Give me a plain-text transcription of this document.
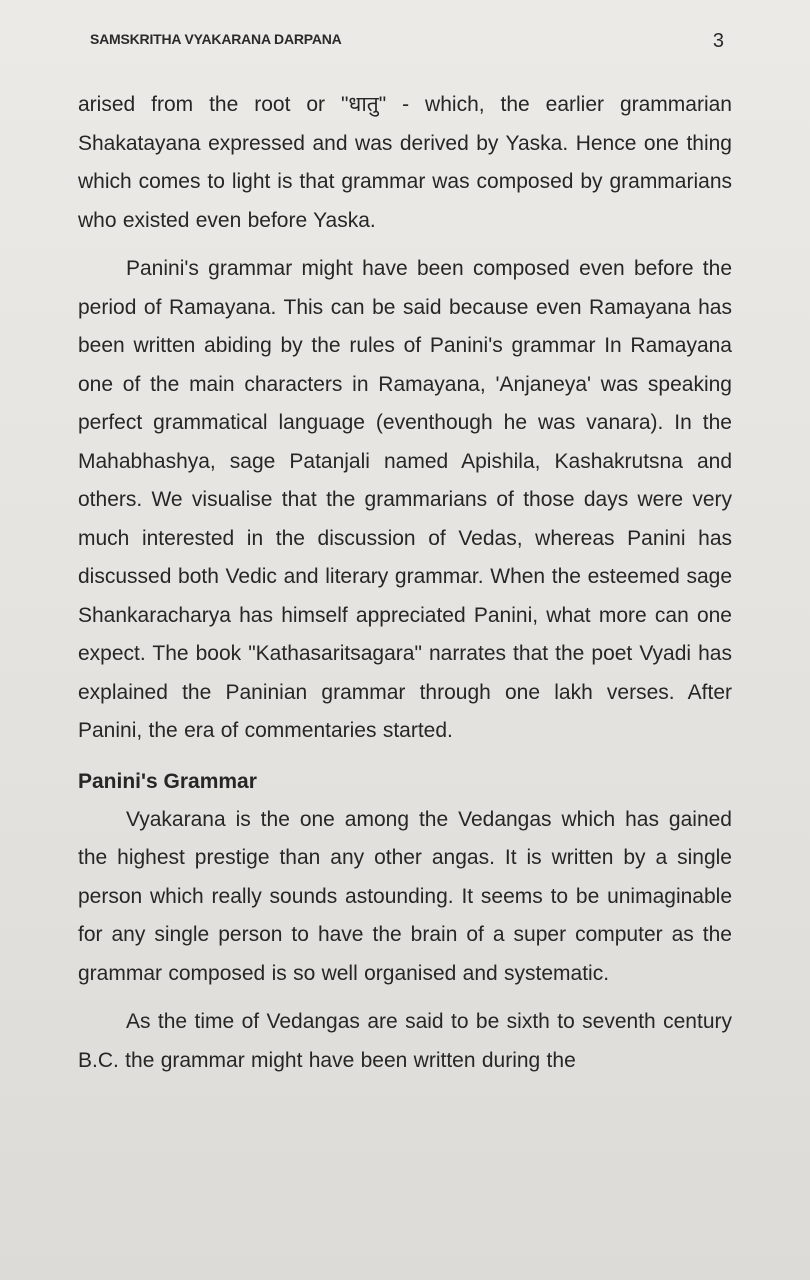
SAMSKRITHA VYAKARANA DARPANA	3

arised from the root or "धातु" - which, the earlier grammarian Shakatayana expressed and was derived by Yaska. Hence one thing which comes to light is that grammar was composed by grammarians who existed even before Yaska.

Panini's grammar might have been composed even before the period of Ramayana. This can be said because even Ramayana has been written abiding by the rules of Panini's grammar In Ramayana one of the main characters in Ramayana, 'Anjaneya' was speaking perfect grammatical language (eventhough he was vanara). In the Mahabhashya, sage Patanjali named Apishila, Kashakrutsna and others. We visualise that the grammarians of those days were very much interested in the discussion of Vedas, whereas Panini has discussed both Vedic and literary grammar. When the esteemed sage Shankaracharya has himself appreciated Panini, what more can one expect. The book "Kathasaritsagara" narrates that the poet Vyadi has explained the Paninian grammar through one lakh verses. After Panini, the era of commentaries started.

Panini's Grammar

Vyakarana is the one among the Vedangas which has gained the highest prestige than any other angas. It is written by a single person which really sounds astounding. It seems to be unimaginable for any single person to have the brain of a super computer as the grammar composed is so well organised and systematic.

As the time of Vedangas are said to be sixth to seventh century B.C. the grammar might have been written during the
